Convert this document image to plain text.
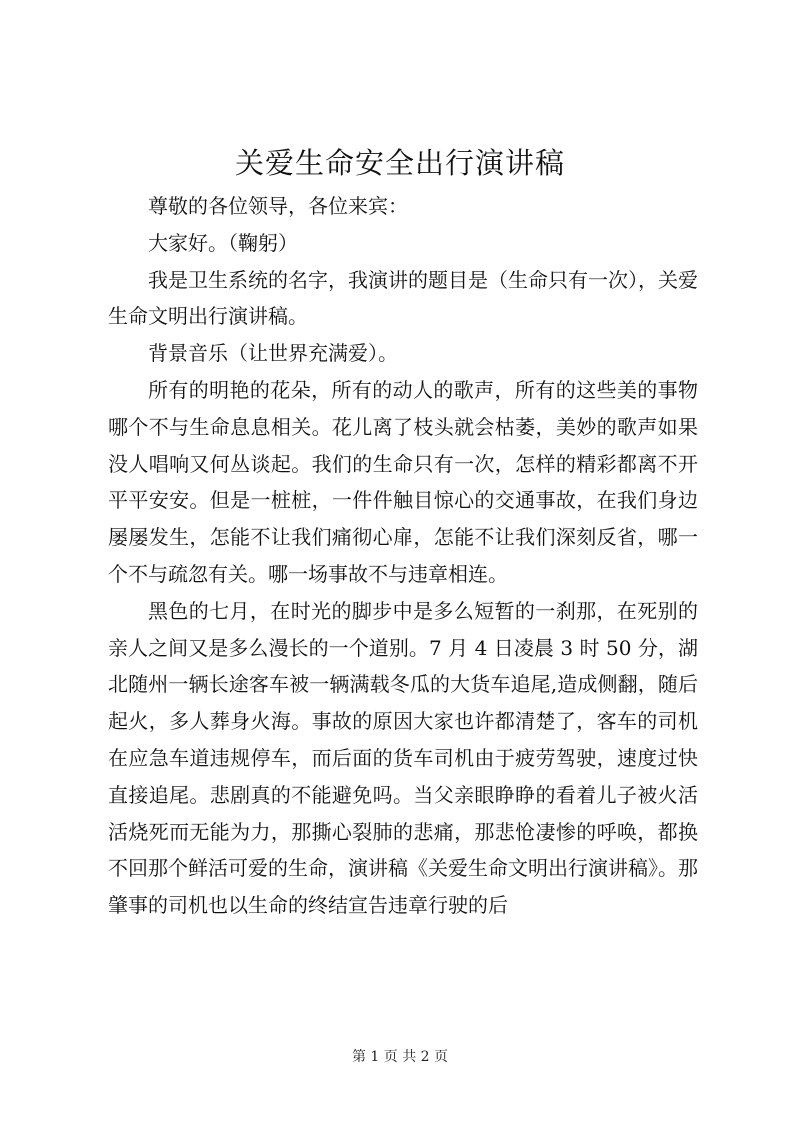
关爱生命安全出行演讲稿

尊敬的各位领导，各位来宾：

大家好。（鞠躬）

我是卫生系统的名字，我演讲的题目是（生命只有一次），关爱生命文明出行演讲稿。

背景音乐（让世界充满爱）。

所有的明艳的花朵，所有的动人的歌声，所有的这些美的事物哪个不与生命息息相关。花儿离了枝头就会枯萎，美妙的歌声如果没人唱响又何丛谈起。我们的生命只有一次，怎样的精彩都离不开平平安安。但是一桩桩，一件件触目惊心的交通事故，在我们身边屡屡发生，怎能不让我们痛彻心扉，怎能不让我们深刻反省，哪一个不与疏忽有关。哪一场事故不与违章相连。

黑色的七月，在时光的脚步中是多么短暂的一刹那，在死别的亲人之间又是多么漫长的一个道别。7 月 4 日凌晨 3 时 50 分，湖北随州一辆长途客车被一辆满载冬瓜的大货车追尾,造成侧翻，随后起火，多人葬身火海。事故的原因大家也许都清楚了，客车的司机在应急车道违规停车，而后面的货车司机由于疲劳驾驶，速度过快直接追尾。悲剧真的不能避免吗。当父亲眼睁睁的看着儿子被火活活烧死而无能为力，那撕心裂肺的悲痛，那悲怆凄惨的呼唤，都换不回那个鲜活可爱的生命，演讲稿《关爱生命文明出行演讲稿》。那肇事的司机也以生命的终结宣告违章行驶的后

第 1 页 共 2 页
